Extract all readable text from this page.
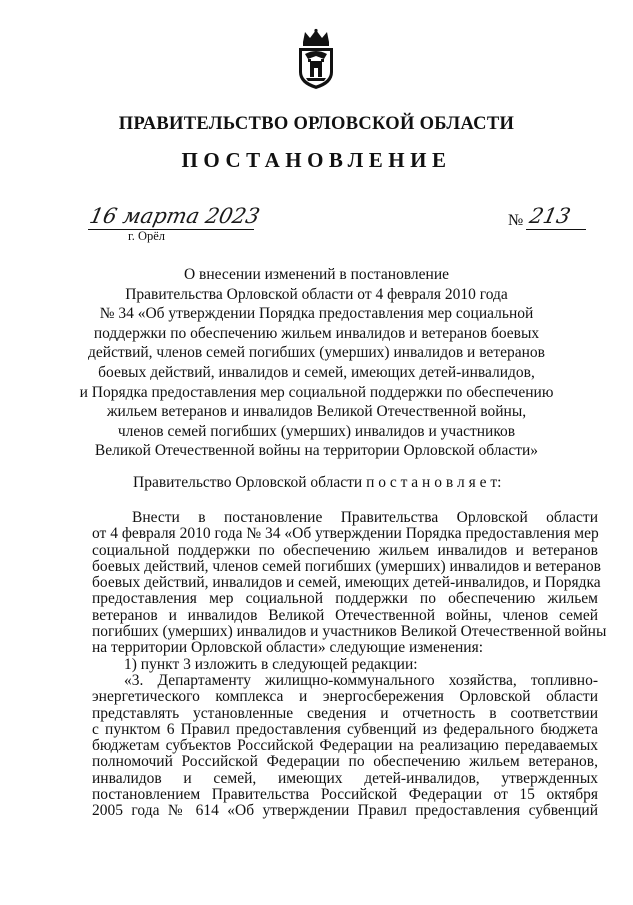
ПРАВИТЕЛЬСТВО ОРЛОВСКОЙ ОБЛАСТИ
ПОСТАНОВЛЕНИЕ
16 марта 2023
г. Орёл
№ 213
О внесении изменений в постановление
Правительства Орловской области от 4 февраля 2010 года
№ 34 «Об утверждении Порядка предоставления мер социальной
поддержки по обеспечению жильем инвалидов и ветеранов боевых
действий, членов семей погибших (умерших) инвалидов и ветеранов
боевых действий, инвалидов и семей, имеющих детей-инвалидов,
и Порядка предоставления мер социальной поддержки по обеспечению
жильем ветеранов и инвалидов Великой Отечественной войны,
членов семей погибших (умерших) инвалидов и участников
Великой Отечественной войны на территории Орловской области»
Правительство Орловской области п о с т а н о в л я е т:
Внести в постановление Правительства Орловской области
от 4 февраля 2010 года № 34 «Об утверждении Порядка предоставления мер
социальной поддержки по обеспечению жильем инвалидов и ветеранов
боевых действий, членов семей погибших (умерших) инвалидов и ветеранов
боевых действий, инвалидов и семей, имеющих детей-инвалидов, и Порядка
предоставления мер социальной поддержки по обеспечению жильем
ветеранов и инвалидов Великой Отечественной войны, членов семей
погибших (умерших) инвалидов и участников Великой Отечественной войны
на территории Орловской области» следующие изменения:
1) пункт 3 изложить в следующей редакции:
«3. Департаменту жилищно-коммунального хозяйства, топливно-
энергетического комплекса и энергосбережения Орловской области
представлять установленные сведения и отчетность в соответствии
с пунктом 6 Правил предоставления субвенций из федерального бюджета
бюджетам субъектов Российской Федерации на реализацию передаваемых
полномочий Российской Федерации по обеспечению жильем ветеранов,
инвалидов и семей, имеющих детей-инвалидов, утвержденных
постановлением Правительства Российской Федерации от 15 октября
2005 года № 614 «Об утверждении Правил предоставления субвенций
